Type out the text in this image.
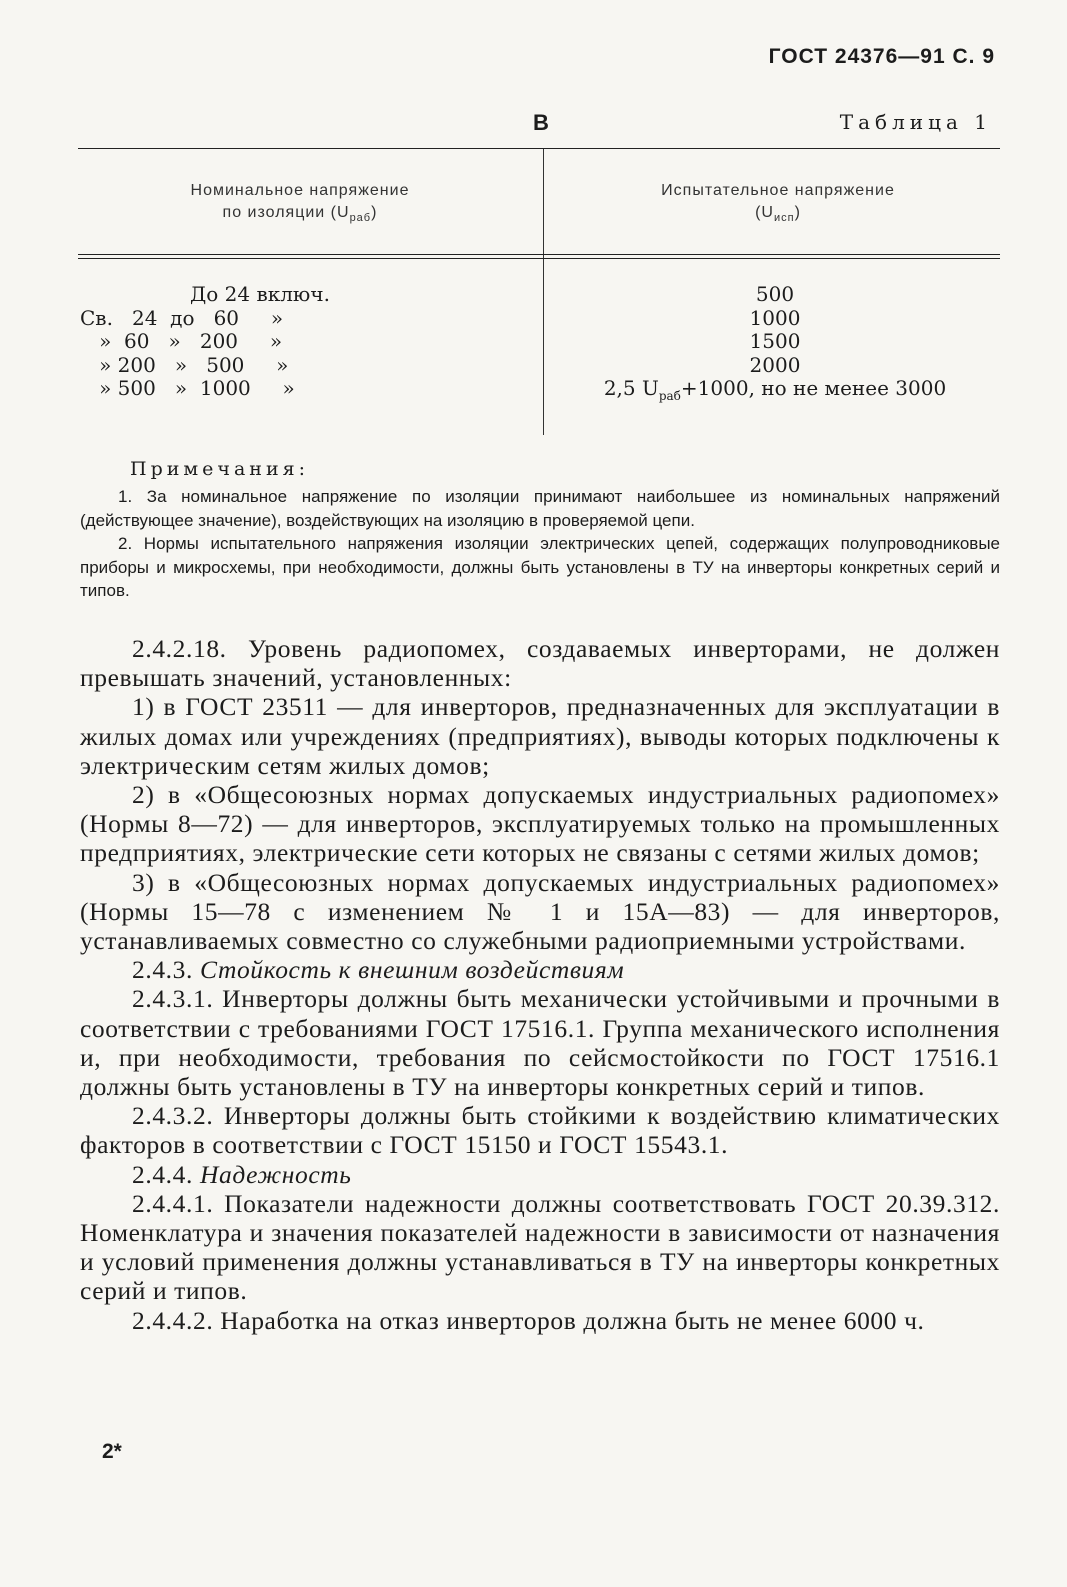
ГОСТ 24376—91 С. 9
В	Таблица 1
Номинальное напряжение
по изоляции $(U_{раб})$
Испытательное напряжение
$(U_{исп})$
До 24 включ.
Св.   24  до   60     »
»  60   »   200     »
» 200   »   500     »
» 500   »  1000     »
500
1000
1500
2000
2,5 $U_{раб}+1000$, но не менее 3000
Примечания:

1. За номинальное напряжение по изоляции принимают наибольшее из номинальных напряжений (действующее значение), воздействующих на изоляцию в проверяемой цепи.

2. Нормы испытательного напряжения изоляции электрических цепей, содержащих полупроводниковые приборы и микросхемы, при необходимости, должны быть установлены в ТУ на инверторы конкретных серий и типов.

2.4.2.18. Уровень радиопомех, создаваемых инверторами, не должен превышать значений, установленных:

1) в ГОСТ 23511 — для инверторов, предназначенных для эксплуатации в жилых домах или учреждениях (предприятиях), выводы которых подключены к электрическим сетям жилых домов;

2) в «Общесоюзных нормах допускаемых индустриальных радиопомех» (Нормы 8—72) — для инверторов, эксплуатируемых только на промышленных предприятиях, электрические сети которых не связаны с сетями жилых домов;

3) в «Общесоюзных нормах допускаемых индустриальных радиопомех» (Нормы 15—78 с изменением № 1 и 15А—83) — для инверторов, устанавливаемых совместно со служебными радиоприемными устройствами.

2.4.3. Стойкость к внешним воздействиям

2.4.3.1. Инверторы должны быть механически устойчивыми и прочными в соответствии с требованиями ГОСТ 17516.1. Группа механического исполнения и, при необходимости, требования по сейсмостойкости по ГОСТ 17516.1 должны быть установлены в ТУ на инверторы конкретных серий и типов.

2.4.3.2. Инверторы должны быть стойкими к воздействию климатических факторов в соответствии с ГОСТ 15150 и ГОСТ 15543.1.

2.4.4. Надежность

2.4.4.1. Показатели надежности должны соответствовать ГОСТ 20.39.312. Номенклатура и значения показателей надежности в зависимости от назначения и условий применения должны устанавливаться в ТУ на инверторы конкретных серий и типов.

2.4.4.2. Наработка на отказ инверторов должна быть не менее 6000 ч.

2*
